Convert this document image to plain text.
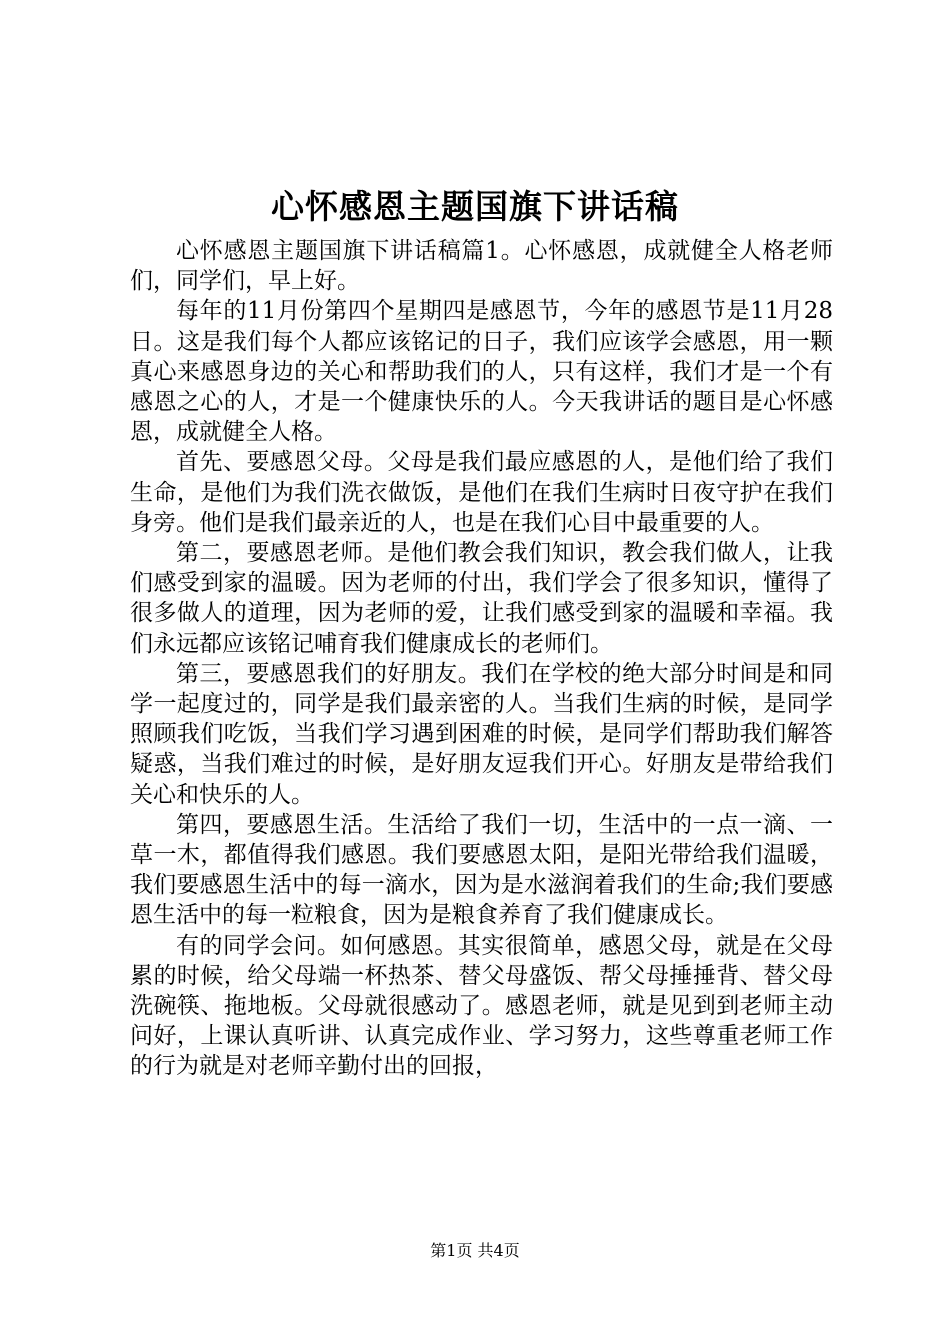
心怀感恩主题国旗下讲话稿

心怀感恩主题国旗下讲话稿篇1。心怀感恩，成就健全人格老师们，同学们，早上好。

每年的11月份第四个星期四是感恩节，今年的感恩节是11月28日。这是我们每个人都应该铭记的日子，我们应该学会感恩，用一颗真心来感恩身边的关心和帮助我们的人，只有这样，我们才是一个有感恩之心的人，才是一个健康快乐的人。今天我讲话的题目是心怀感恩，成就健全人格。

首先、要感恩父母。父母是我们最应感恩的人，是他们给了我们生命，是他们为我们洗衣做饭，是他们在我们生病时日夜守护在我们身旁。他们是我们最亲近的人，也是在我们心目中最重要的人。

第二，要感恩老师。是他们教会我们知识，教会我们做人，让我们感受到家的温暖。因为老师的付出，我们学会了很多知识，懂得了很多做人的道理，因为老师的爱，让我们感受到家的温暖和幸福。我们永远都应该铭记哺育我们健康成长的老师们。

第三，要感恩我们的好朋友。我们在学校的绝大部分时间是和同学一起度过的，同学是我们最亲密的人。当我们生病的时候，是同学照顾我们吃饭，当我们学习遇到困难的时候，是同学们帮助我们解答疑惑，当我们难过的时候，是好朋友逗我们开心。好朋友是带给我们关心和快乐的人。

第四，要感恩生活。生活给了我们一切，生活中的一点一滴、一草一木，都值得我们感恩。我们要感恩太阳，是阳光带给我们温暖，我们要感恩生活中的每一滴水，因为是水滋润着我们的生命;我们要感恩生活中的每一粒粮食，因为是粮食养育了我们健康成长。

有的同学会问。如何感恩。其实很简单，感恩父母，就是在父母累的时候，给父母端一杯热茶、替父母盛饭、帮父母捶捶背、替父母洗碗筷、拖地板。父母就很感动了。感恩老师，就是见到到老师主动问好，上课认真听讲、认真完成作业、学习努力，这些尊重老师工作的行为就是对老师辛勤付出的回报，

第1页 共4页
